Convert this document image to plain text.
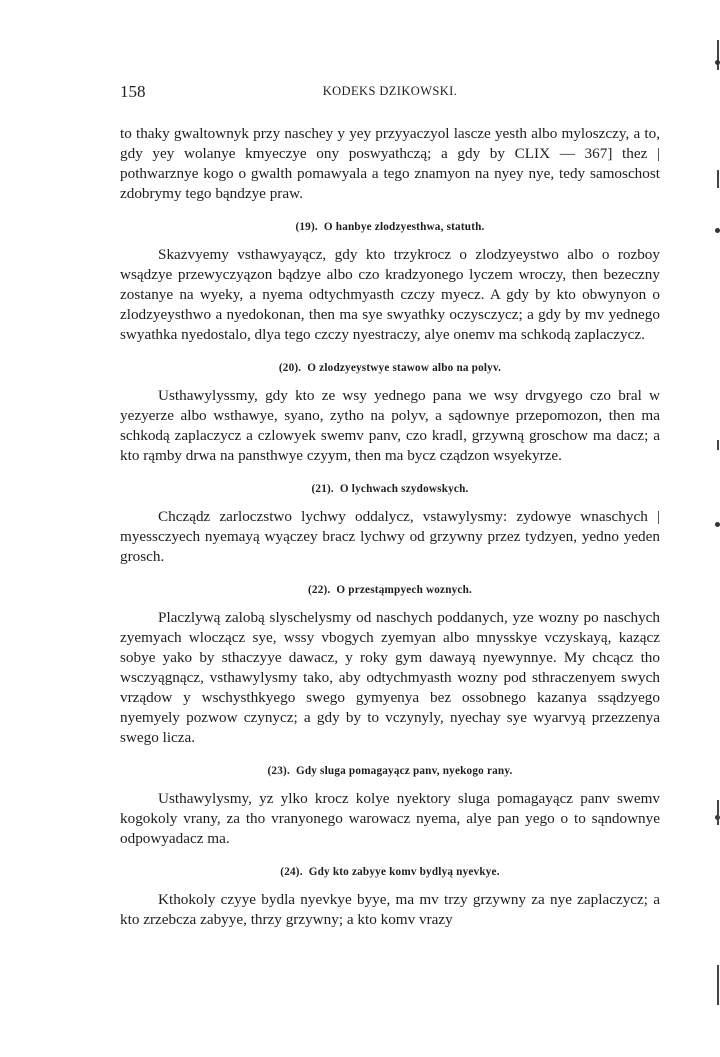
158	KODEKS DZIKOWSKI.

to thaky gwaltownyk przy naschey y yey przyyaczyol lascze yesth albo myloszczy, a to, gdy yey wolanye kmyeczye ony poswyathczą; a gdy by CLIX — 367] thez | pothwarznye kogo o gwalth pomawyala a tego znamyon na nyey nye, tedy samoschost zdobrymy tego bąndzye praw.

(19). O hanbye zlodzyesthwa, statuth.

Skazvyemy vsthawyayącz, gdy kto trzykrocz o zlodzyeystwo albo o rozboy wsądzye przewyczyązon bądzye albo czo kradzyonego lyczem wroczy, then bezeczny zostanye na wyeky, a nyema odtychmyasth czczy myecz. A gdy by kto obwynyon o zlodzyeysthwo a nyedokonan, then ma sye swyathky oczysczycz; a gdy by mv yednego swyathka nyedostalo, dlya tego czczy nyestraczy, alye onemv ma schkodą zaplaczycz.

(20). O zlodzyeystwye stawow albo na polyv.

Usthawylyssmy, gdy kto ze wsy yednego pana we wsy drvgyego czo bral w yezyerze albo wsthawye, syano, zytho na polyv, a sądownye przepomozon, then ma schkodą zaplaczycz a czlowyek swemv panv, czo kradl, grzywną groschow ma dacz; a kto rąmby drwa na pansthwye czyym, then ma bycz cządzon wsyekyrze.

(21). O lychwach szydowskych.

Chcządz zarloczstwo lychwy oddalycz, vstawylysmy: zydowye wnaschych | myessczyech nyemayą wyączey bracz lychwy od grzywny przez tydzyen, yedno yeden grosch.

(22). O przestąmpyech woznych.

Placzlywą zalobą slyschelysmy od naschych poddanych, yze wozny po naschych zyemyach wloczącz sye, wssy vbogych zyemyan albo mnysskye vczyskayą, kazącz sobye yako by sthaczyye dawacz, y roky gym dawayą nyewynnye. My chcącz tho wsczyągnącz, vsthawylysmy tako, aby odtychmyasth wozny pod sthraczenyem swych vrządow y wschysthkyego swego gymyenya bez ossobnego kazanya ssądzyego nyemyely pozwow czynycz; a gdy by to vczynyly, nyechay sye wyarvyą przezzenya swego licza.

(23). Gdy sluga pomagayącz panv, nyekogo rany.

Usthawylysmy, yz ylko krocz kolye nyektory sluga pomagayącz panv swemv kogokoly vrany, za tho vranyonego warowacz nyema, alye pan yego o to sąndownye odpowyadacz ma.

(24). Gdy kto zabyye komv bydlyą nyevkye.

Kthokoly czyye bydla nyevkye byye, ma mv trzy grzywny za nye zaplaczycz; a kto zrzebcza zabyye, thrzy grzywny; a kto komv vrazy
